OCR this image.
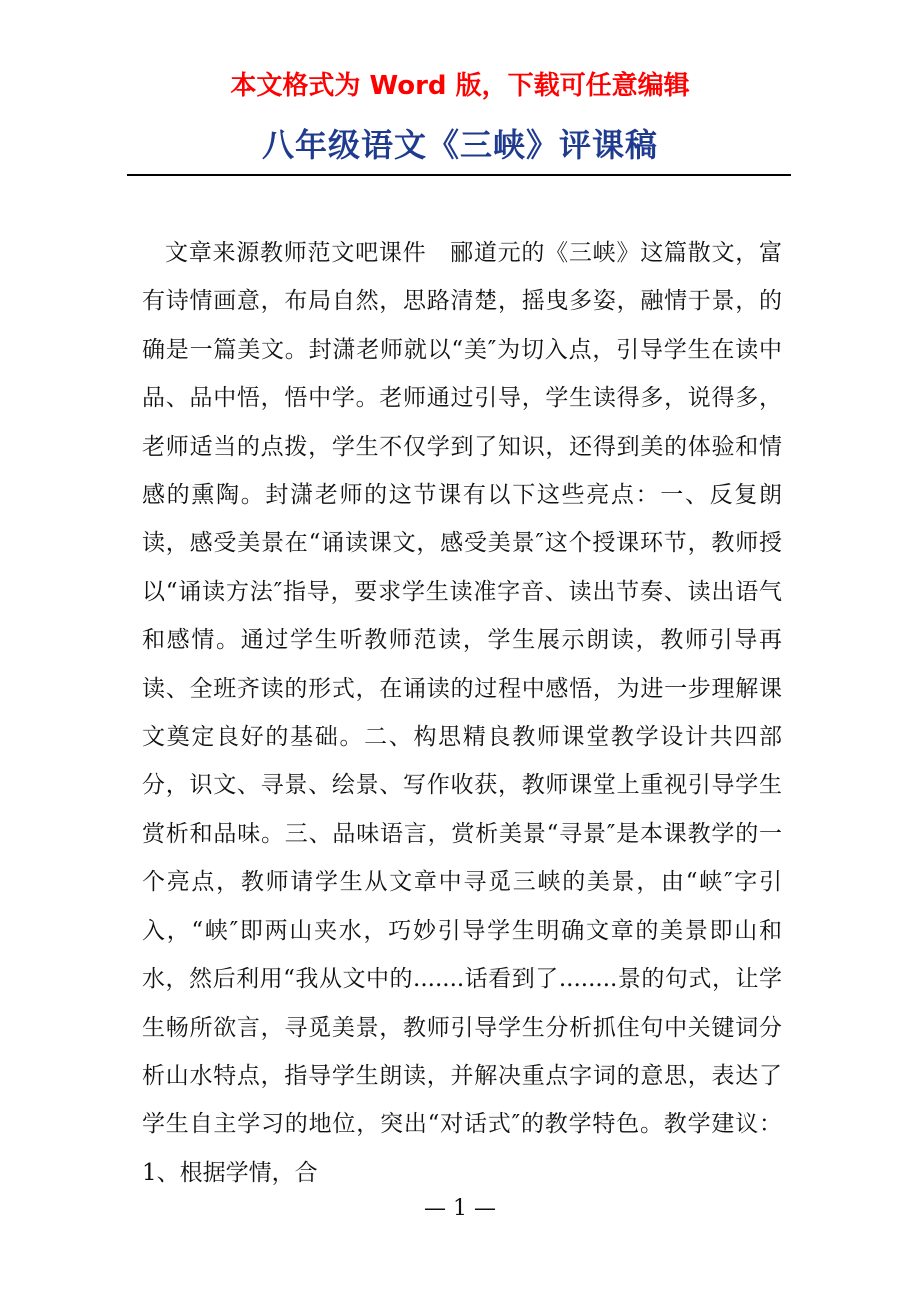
本文格式为 Word 版，下载可任意编辑

八年级语文《三峡》评课稿

文章来源教师范文吧课件　郦道元的《三峡》这篇散文，富有诗情画意，布局自然，思路清楚，摇曳多姿，融情于景，的确是一篇美文。封潇老师就以“美″为切入点，引导学生在读中品、品中悟，悟中学。老师通过引导，学生读得多，说得多，老师适当的点拨，学生不仅学到了知识，还得到美的体验和情感的熏陶。封潇老师的这节课有以下这些亮点：一、反复朗读，感受美景在“诵读课文，感受美景″这个授课环节，教师授以“诵读方法″指导，要求学生读准字音、读出节奏、读出语气和感情。通过学生听教师范读，学生展示朗读，教师引导再读、全班齐读的形式，在诵读的过程中感悟，为进一步理解课文奠定良好的基础。二、构思精良教师课堂教学设计共四部分，识文、寻景、绘景、写作收获，教师课堂上重视引导学生赏析和品味。三、品味语言，赏析美景“寻景″是本课教学的一个亮点，教师请学生从文章中寻觅三峡的美景，由“峡″字引入，“峡″即两山夹水，巧妙引导学生明确文章的美景即山和水，然后利用“我从文中的.......话看到了........景的句式，让学生畅所欲言，寻觅美景，教师引导学生分析抓住句中关键词分析山水特点，指导学生朗读，并解决重点字词的意思，表达了学生自主学习的地位，突出“对话式″的教学特色。教学建议：1、根据学情，合

— 1 —
